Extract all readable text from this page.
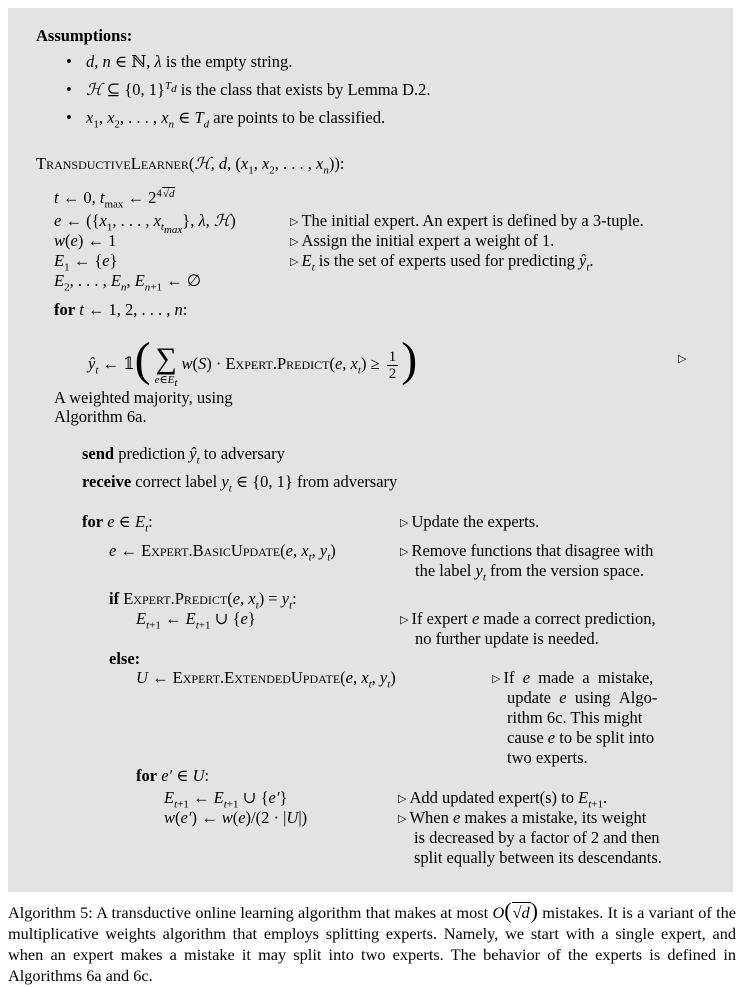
Assumptions:
• d, n ∈ ℕ, λ is the empty string.
• ℋ ⊆ {0, 1}$^{T_d}$ is the class that exists by Lemma D.2.
• $x_1$, $x_2$, . . . , $x_n$ ∈ $T_d$ are points to be classified.
TransductiveLearner(ℋ, d, ($x_1$, $x_2$, . . . , $x_n$)):
t ← 0, $t_{max}$ ← $2^{4√d}$
e ← ({$x_1$, . . . , $x_{t_{max}}$}, λ, ℋ)	▷ The initial expert. An expert is defined by a 3-tuple.
w(e) ← 1	▷ Assign the initial expert a weight of 1.
$E_1$ ← {e}	▷ $E_t$ is the set of experts used for predicting $ŷ_t$.
$E_2$, . . . , $E_n$, $E_{n+1}$ ← ∅
for t ← 1, 2, . . . , n:
$ŷ_t$ ← 𝟙( ∑
$e\in E_t$
w(S) · Expert.Predict(e, $x_t) \ge \frac{1}{2}$ )	▷
A weighted majority, using
Algorithm 6a.
send prediction $ŷ_t$ to adversary
receive correct label $y_t$ ∈ {0, 1} from adversary
for e ∈ $E_t$:	▷ Update the experts.
e ← Expert.BasicUpdate(e, $x_t$, $y_t$)	▷ Remove functions that disagree with
the label $y_t$ from the version space.
if Expert.Predict(e, $x_t) = y_t$:
$E_{t+1}$ ← $E_{t+1}$ ∪ {e}	▷ If expert e made a correct prediction,
no further update is needed.
else:
U ← Expert.ExtendedUpdate(e, $x_t$, $y_t$)	▷ If  e  made  a  mistake,
update  e  using  Algo-
rithm 6c. This might
cause e to be split into
two experts.
for e′ ∈ U:
$E_{t+1}$ ← $E_{t+1}$ ∪ {e′}	▷ Add updated expert(s) to $E_{t+1}$.
w(e′) ← w(e)/(2 · |U|)	▷ When e makes a mistake, its weight
is decreased by a factor of 2 and then
split equally between its descendants.
Algorithm 5: A transductive online learning algorithm that makes at most O(√d) mistakes. It is a variant of the multiplicative weights algorithm that employs splitting experts. Namely, we start with a single expert, and when an expert makes a mistake it may split into two experts. The behavior of the experts is defined in Algorithms 6a and 6c.
